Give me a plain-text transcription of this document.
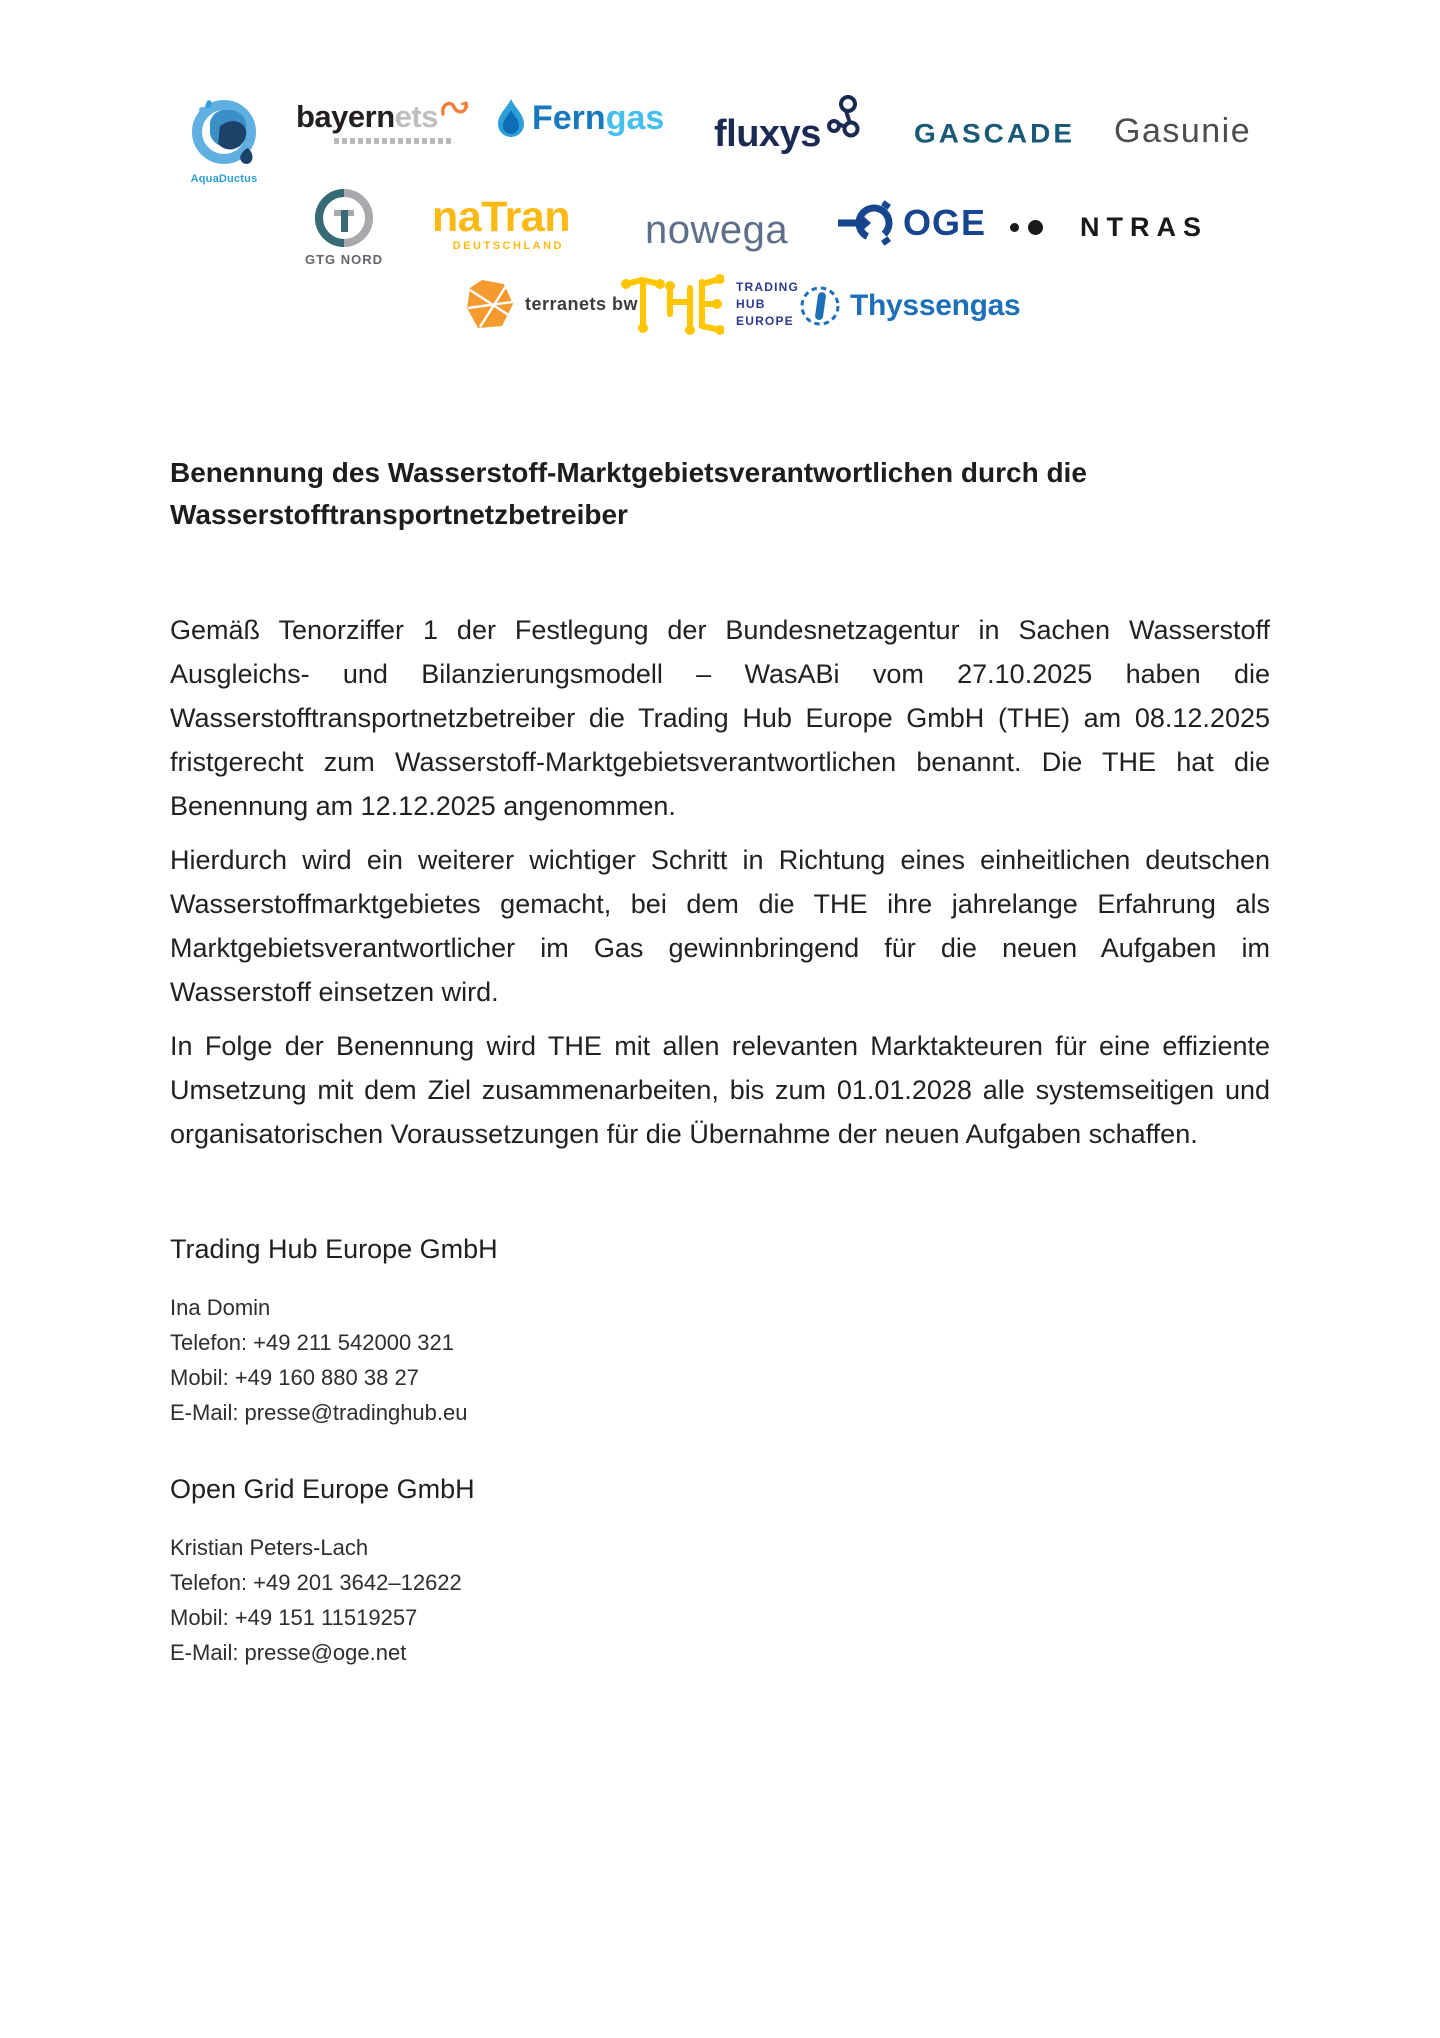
AquaDuctus
bayern ets	Ferngas fluxys	GASCADE Gasunie
GTG NORD
naTran
DEUTSCHLAND nowega	OGE ONTRAS
terranets bw
TRADING
HUB
EUROPE Thyssengas
Benennung des Wasserstoff-Marktgebietsverantwortlichen durch die
Wasserstofftransportnetzbetreiber

Gemäß Tenorziffer 1 der Festlegung der Bundesnetzagentur in Sachen Wasserstoff Ausgleichs- und Bilanzierungsmodell – WasABi vom 27.10.2025 haben die Wasserstofftransportnetzbetreiber die Trading Hub Europe GmbH (THE) am 08.12.2025 fristgerecht zum Wasserstoff-Marktgebietsverantwortlichen benannt. Die THE hat die Benennung am 12.12.2025 angenommen.

Hierdurch wird ein weiterer wichtiger Schritt in Richtung eines einheitlichen deutschen Wasserstoffmarktgebietes gemacht, bei dem die THE ihre jahrelange Erfahrung als Marktgebietsverantwortlicher im Gas gewinnbringend für die neuen Aufgaben im Wasserstoff einsetzen wird.

In Folge der Benennung wird THE mit allen relevanten Marktakteuren für eine effiziente Umsetzung mit dem Ziel zusammenarbeiten, bis zum 01.01.2028 alle systemseitigen und organisatorischen Voraussetzungen für die Übernahme der neuen Aufgaben schaffen.

Trading Hub Europe GmbH
Ina Domin
Telefon: +49 211 542000 321
Mobil: +49 160 880 38 27
E-Mail: presse@tradinghub.eu
Open Grid Europe GmbH
Kristian Peters-Lach
Telefon: +49 201 3642–12622
Mobil: +49 151 11519257
E-Mail: presse@oge.net
